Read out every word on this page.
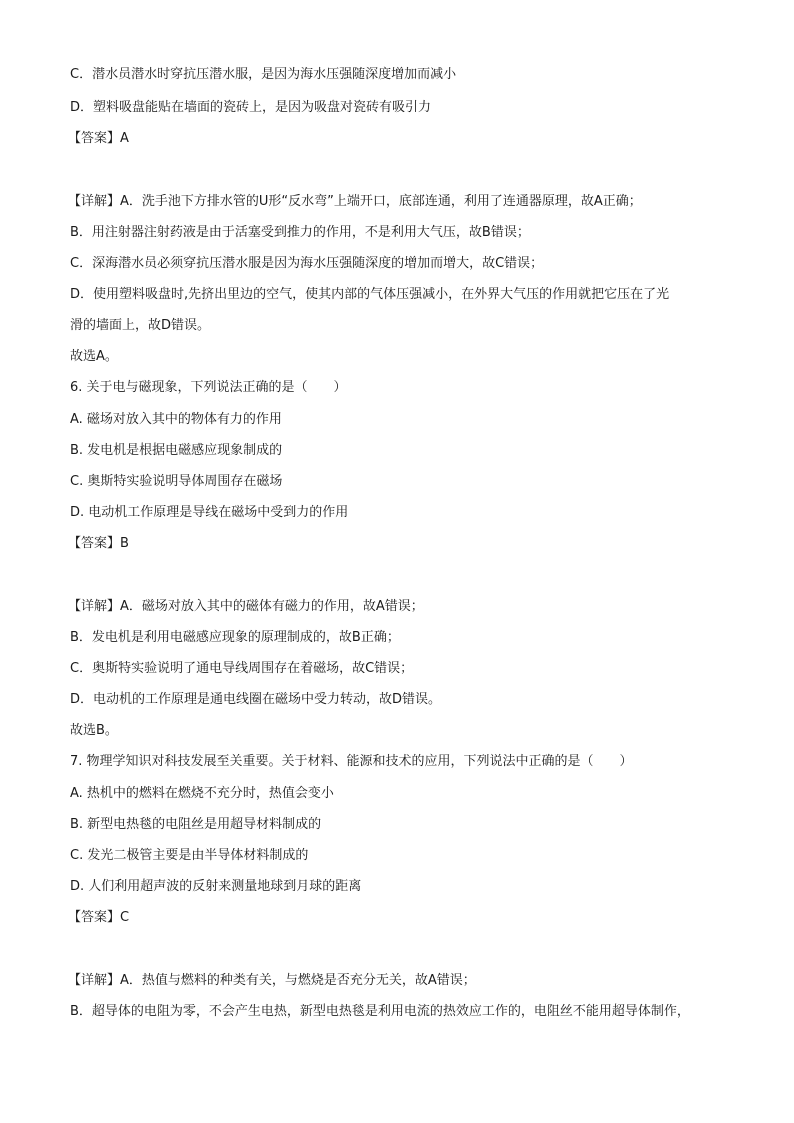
C．潜水员潜水时穿抗压潜水服，是因为海水压强随深度增加而减小
D．塑料吸盘能贴在墙面的瓷砖上，是因为吸盘对瓷砖有吸引力
【答案】A
【详解】A．洗手池下方排水管的U形“反水弯”上端开口，底部连通，利用了连通器原理，故A正确；
B．用注射器注射药液是由于活塞受到推力的作用，不是利用大气压，故B错误；
C．深海潜水员必须穿抗压潜水服是因为海水压强随深度的增加而增大，故C错误；
D．使用塑料吸盘时,先挤出里边的空气，使其内部的气体压强减小，在外界大气压的作用就把它压在了光
滑的墙面上，故D错误。
故选A。
6. 关于电与磁现象，下列说法正确的是（　　）
A. 磁场对放入其中的物体有力的作用
B. 发电机是根据电磁感应现象制成的
C. 奥斯特实验说明导体周围存在磁场
D. 电动机工作原理是导线在磁场中受到力的作用
【答案】B
【详解】A．磁场对放入其中的磁体有磁力的作用，故A错误；
B．发电机是利用电磁感应现象的原理制成的，故B正确；
C．奥斯特实验说明了通电导线周围存在着磁场，故C错误；
D．电动机的工作原理是通电线圈在磁场中受力转动，故D错误。
故选B。
7. 物理学知识对科技发展至关重要。关于材料、能源和技术的应用，下列说法中正确的是（　　）
A. 热机中的燃料在燃烧不充分时，热值会变小
B. 新型电热毯的电阻丝是用超导材料制成的
C. 发光二极管主要是由半导体材料制成的
D. 人们利用超声波的反射来测量地球到月球的距离
【答案】C
【详解】A．热值与燃料的种类有关，与燃烧是否充分无关，故A错误；
B．超导体的电阻为零，不会产生电热，新型电热毯是利用电流的热效应工作的，电阻丝不能用超导体制作，
